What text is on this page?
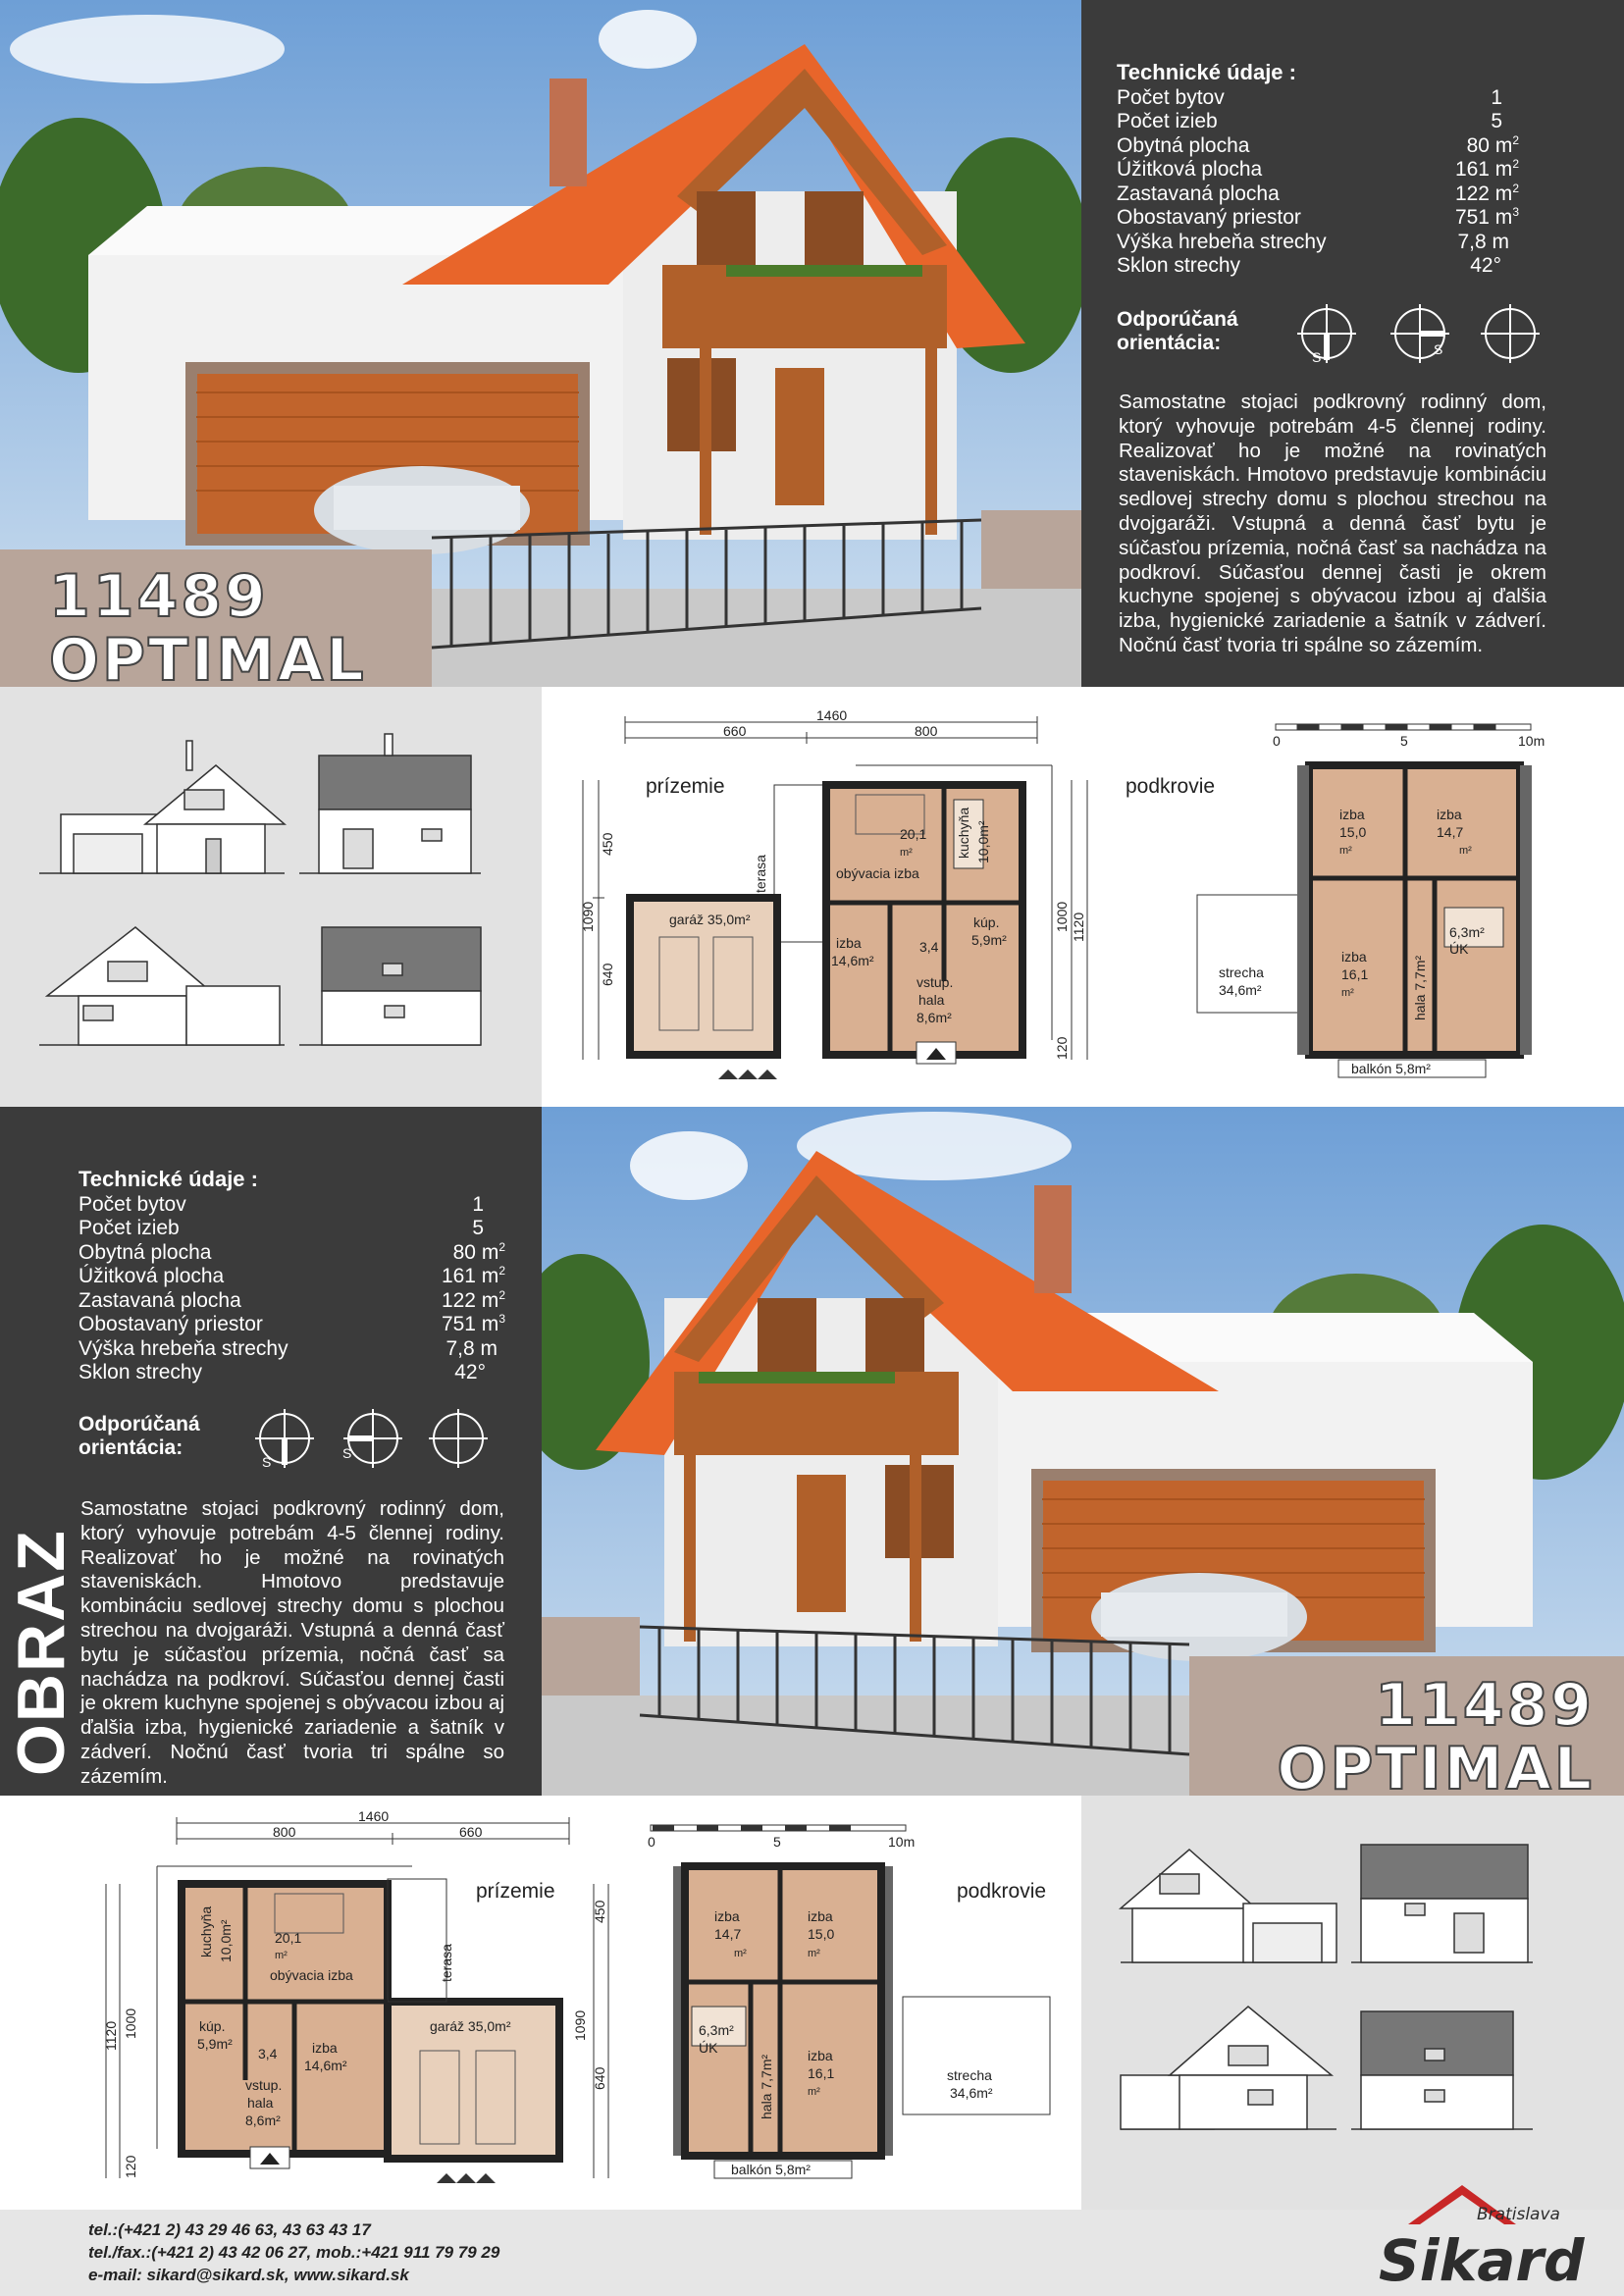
11489
OPTIMAL
Technické údaje :
Počet bytov	1
Počet izieb	5
Obytná plocha	80 $m^2$
Úžitková plocha	161 $m^2$
Zastavaná plocha	122 $m^2$
Obostavaný priestor	751 $m^3$
Výška hrebeňa strechy	7,8 m
Sklon strechy	42°
Odporúčaná
orientácia:
S	S
Samostatne stojaci podkrovný rodinný dom, ktorý vyhovuje potrebám 4-5 člennej rodiny. Realizovať ho je možné na rovinatých staveniskách. Hmotovo predstavuje kombináciu sedlovej strechy domu s plochou strechou na dvojgaráži. Vstupná a denná časť bytu je súčasťou prízemia, nočná časť sa nachádza na podkroví. Súčasťou dennej časti je okrem kuchyne spojenej s obývacou izbou aj ďalšia izba, hygienické zariadenie a šatník v zádverí. Nočnú časť tvoria tri spálne so zázemím.
1460
660	800
450
640
1090	1000 1120
120
garáž 35,0m²
terasa
20,1
m²
obývacia izba
kuchyňa 10,0m²
kúp.
5,9m²
izba
14,6m²
3,4
vstup.
hala
8,6m²
0	5	10m
izba
15,0
m²
izba
14,7
m²
izba
16,1
m²
6,3m²
ÚK
hala 7,7m²
strecha
34,6m²
balkón 5,8m²
prízemie	podkrovie
Technické údaje :
Počet bytov	1
Počet izieb	5
Obytná plocha	80 $m^2$
Úžitková plocha	161 $m^2$
Zastavaná plocha	122 $m^2$
Obostavaný priestor	751 $m^3$
Výška hrebeňa strechy	7,8 m
Sklon strechy	42°
Odporúčaná
orientácia:
S
S
Samostatne stojaci podkrovný rodinný dom, ktorý vyhovuje potrebám 4-5 člennej rodiny. Realizovať ho je možné na rovinatých staveniskách. Hmotovo predstavuje kombináciu sedlovej strechy domu s plochou strechou na dvojgaráži. Vstupná a denná časť bytu je súčasťou prízemia, nočná časť sa nachádza na podkroví. Súčasťou dennej časti je okrem kuchyne spojenej s obývacou izbou aj ďalšia izba, hygienické zariadenie a šatník v zádverí. Nočnú časť tvoria tri spálne so zázemím.
OBRAZ	11489
OPTIMAL
1460
800	660
1120 1000
120
450
1090
640
kuchyňa 10,0m²	20,1
m²
obývacia izba
kúp.
5,9m²
3,4	izba
14,6m²
vstup.
hala
8,6m²
garáž 35,0m²
terasa
0	5	10m
izba
14,7
m²
izba
15,0
m²
6,3m²
ÚK
hala 7,7m² izba
16,1
m²
strecha
34,6m²
balkón 5,8m²
prízemie	podkrovie
tel.:(+421 2) 43 29 46 63, 43 63 43 17
tel./fax.:(+421 2) 43 42 06 27, mob.:+421 911 79 79 29
e-mail: sikard@sikard.sk, www.sikard.sk
Bratislava
Sikard
